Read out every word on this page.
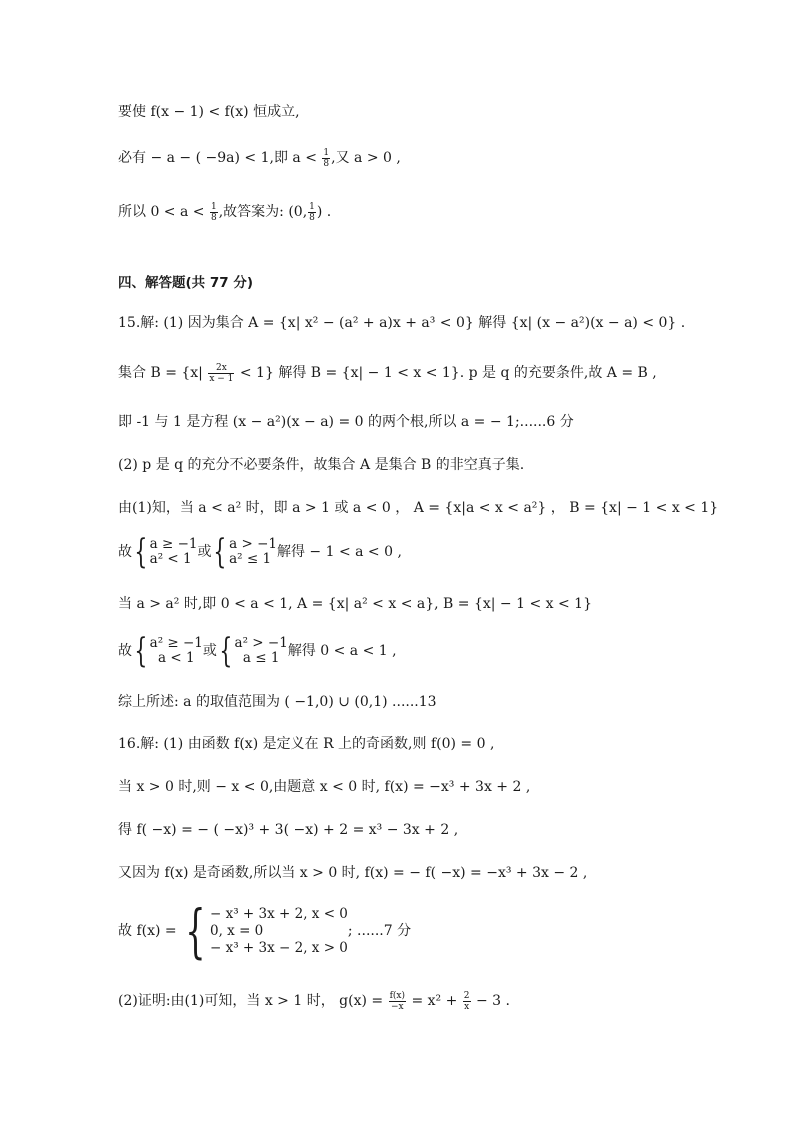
要使 f(x − 1) < f(x) 恒成立,
必有 − a − ( −9a) < 1,即 $a < \frac{1}{8}$ ,又 a > 0 ,
所以 $0 < a < \frac{1}{8}$ ,故答案为: (0, $\frac{1}{8}$ ) .
四、解答题(共 77 分)
15.解: (1) 因为集合 A = {x| x² − (a² + a)x + a³ < 0} 解得 {x| (x − a²)(x − a) < 0} .
集合 $B = \{x| \frac{2x}{x - 1} < 1\}$ 解得 B = {x| − 1 < x < 1}. p 是 q 的充要条件,故 A = B ,
即 -1 与 1 是方程 (x − a²)(x − a) = 0 的两个根,所以 a = − 1;......6 分
(2) p 是 q 的充分不必要条件，故集合 A 是集合 B 的非空真子集.
由(1)知，当 a < a² 时，即 a > 1 或 a < 0 ， A = {x|a < x < a²} ， B = {x| − 1 < x < 1}
故{ a ≥ −1
a² < 1 或{ a > −1
a² ≤ 1 解得 − 1 < a < 0 ,
当 a > a² 时,即 0 < a < 1, A = {x| a² < x < a}, B = {x| − 1 < x < 1}
故{ a² ≥ −1
a < 1 或{ a² > −1
a ≤ 1 解得 0 < a < 1 ,
综上所述: a 的取值范围为 ( −1,0) ∪ (0,1) ......13
16.解: (1) 由函数 f(x) 是定义在 R 上的奇函数,则 f(0) = 0 ,
当 x > 0 时,则 − x < 0,由题意 x < 0 时, f(x) = −x³ + 3x + 2 ,
得 f( −x) = − ( −x)³ + 3( −x) + 2 = x³ − 3x + 2 ,
又因为 f(x) 是奇函数,所以当 x > 0 时, f(x) = − f( −x) = −x³ + 3x − 2 ,
故 f(x) = { − x³ + 3x + 2, x < 0
0, x = 0
− x³ + 3x − 2, x > 0
; ......7 分
(2)证明:由(1)可知，当 x > 1 时， $g(x) = \frac{f(x)}{-x} = x^2 + \frac{2}{x} - 3$ .
